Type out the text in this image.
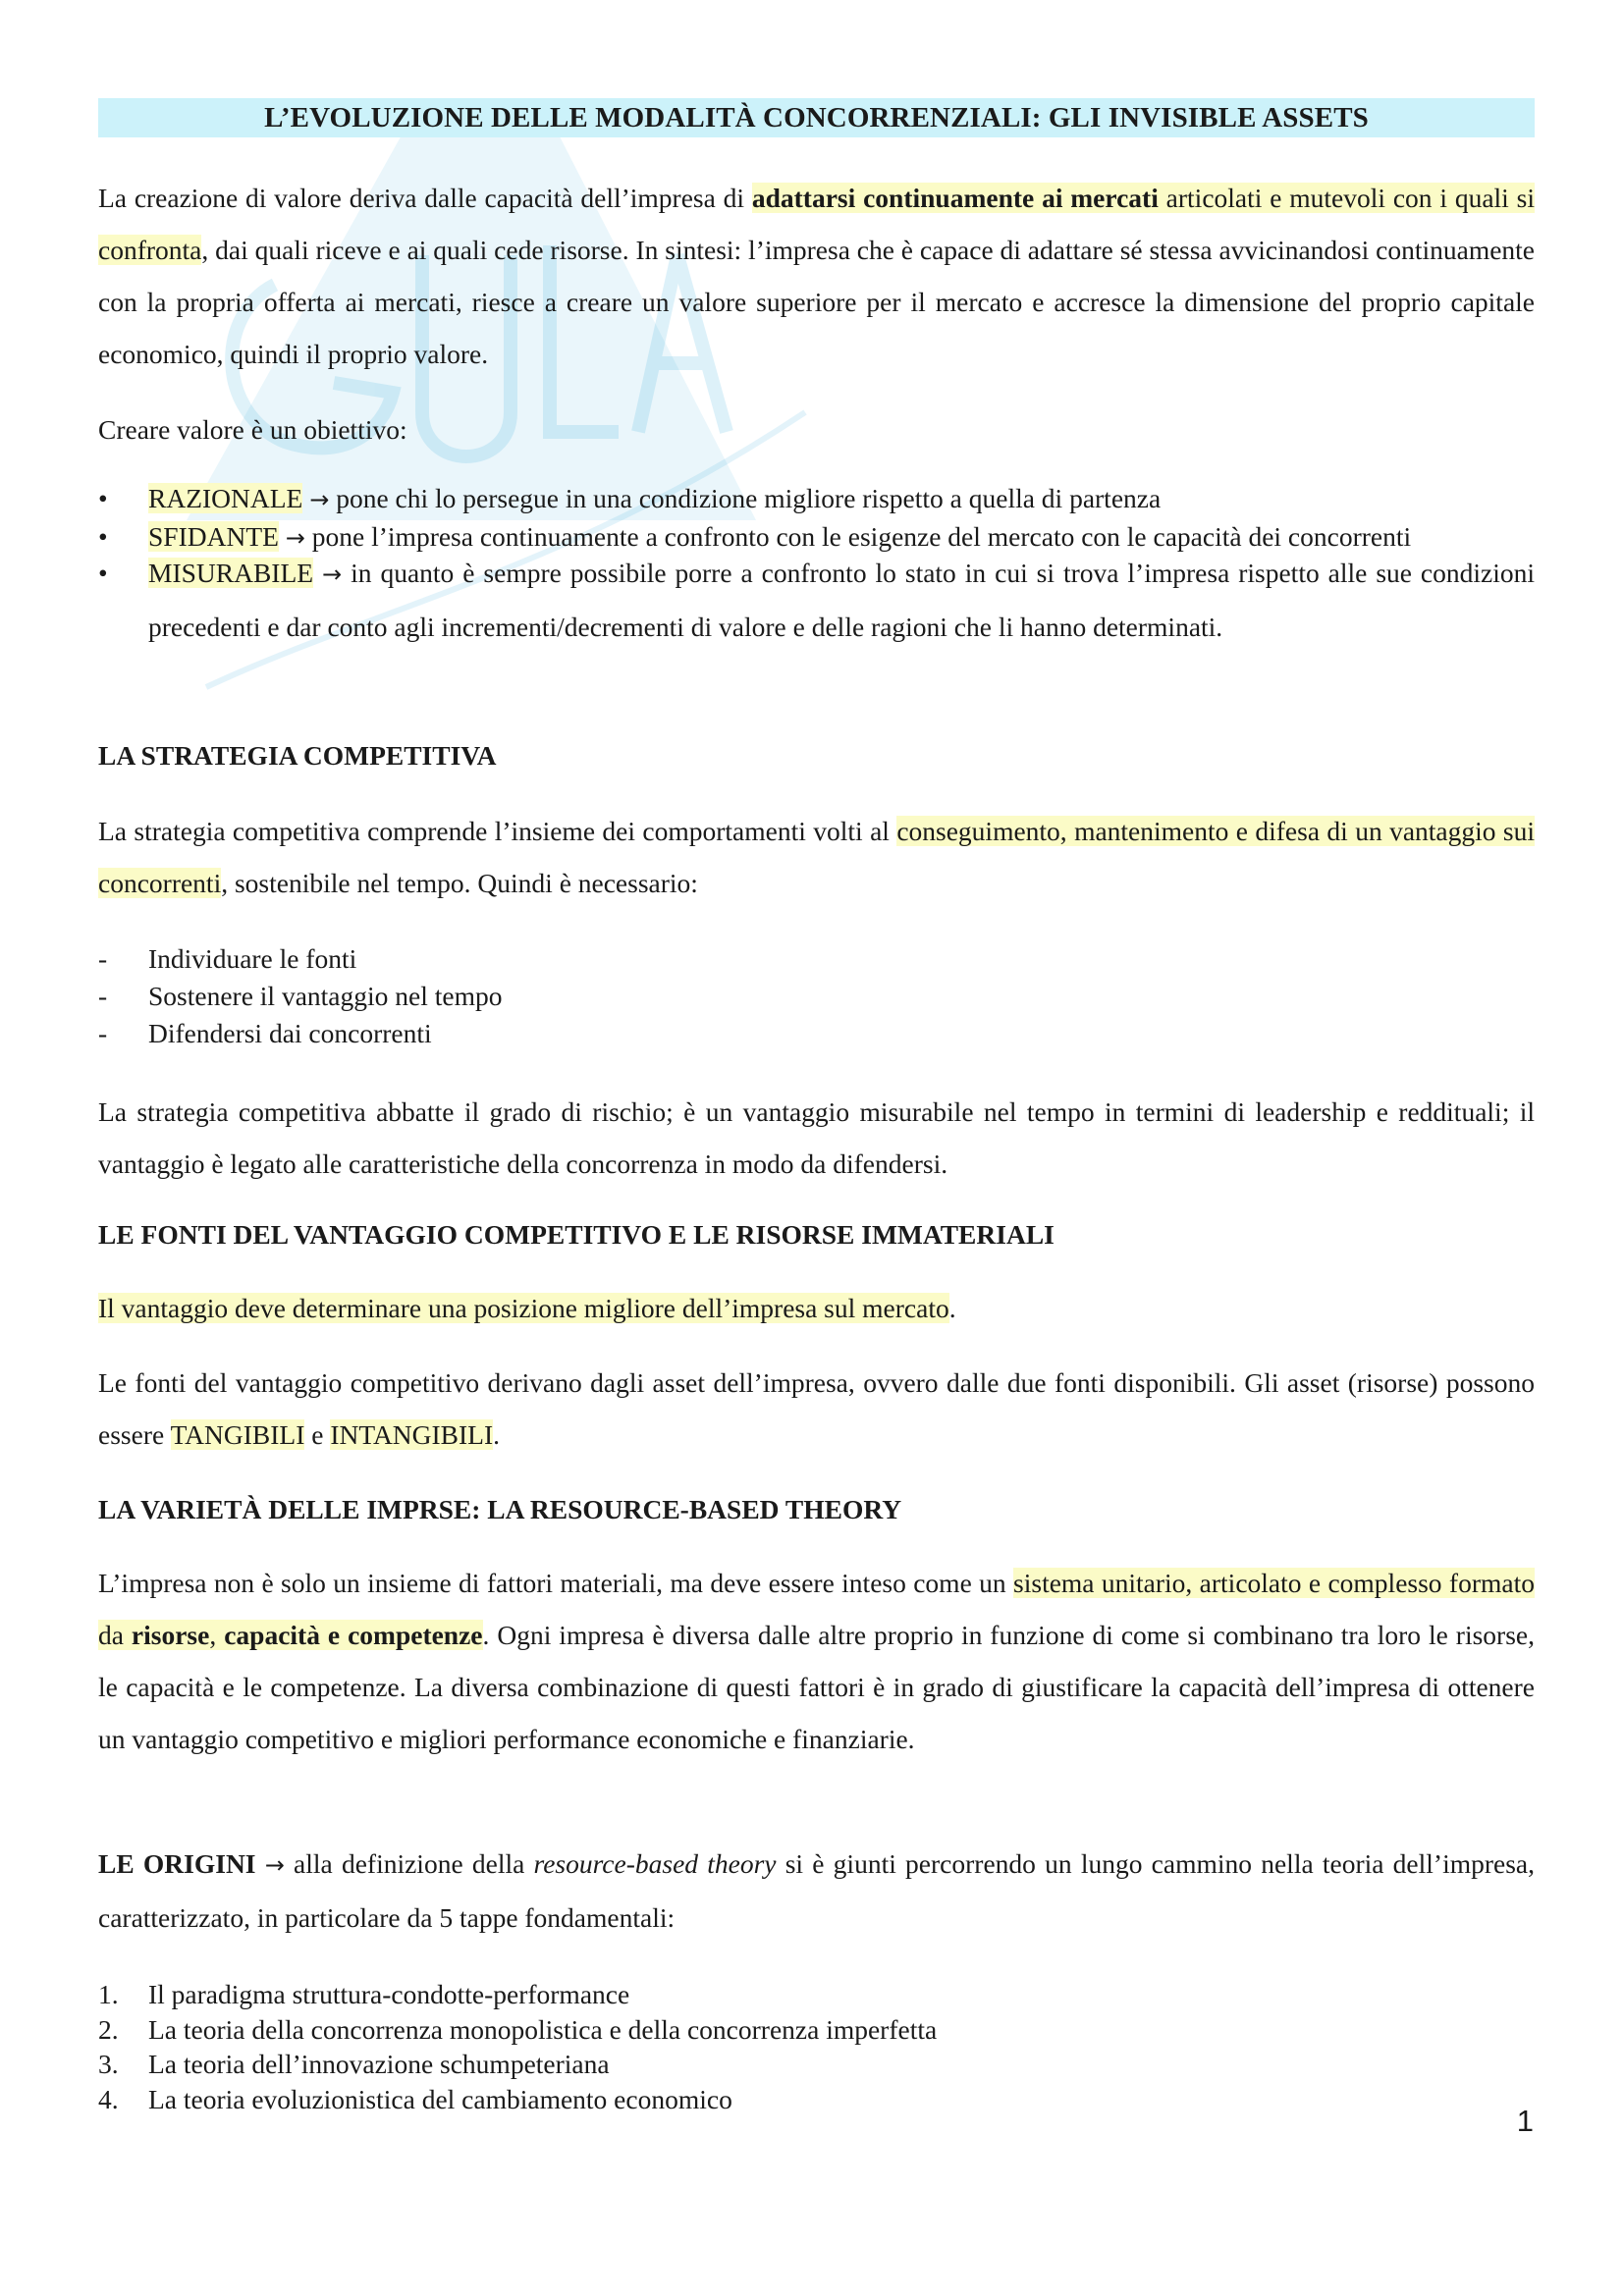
L’EVOLUZIONE DELLE MODALITÀ CONCORRENZIALI: GLI INVISIBLE ASSETS

La creazione di valore deriva dalle capacità dell’impresa di adattarsi continuamente ai mercati articolati e mutevoli con i quali si confronta, dai quali riceve e ai quali cede risorse. In sintesi: l’impresa che è capace di adattare sé stessa avvicinandosi continuamente con la propria offerta ai mercati, riesce a creare un valore superiore per il mercato e accresce la dimensione del proprio capitale economico, quindi il proprio valore.

Creare valore è un obiettivo:

• RAZIONALE → pone chi lo persegue in una condizione migliore rispetto a quella di partenza
• SFIDANTE → pone l’impresa continuamente a confronto con le esigenze del mercato con le capacità dei concorrenti
• MISURABILE → in quanto è sempre possibile porre a confronto lo stato in cui si trova l’impresa rispetto alle sue condizioni precedenti e dar conto agli incrementi/decrementi di valore e delle ragioni che li hanno determinati.
LA STRATEGIA COMPETITIVA

La strategia competitiva comprende l’insieme dei comportamenti volti al conseguimento, mantenimento e difesa di un vantaggio sui concorrenti, sostenibile nel tempo. Quindi è necessario:

- Individuare le fonti
- Sostenere il vantaggio nel tempo
- Difendersi dai concorrenti

La strategia competitiva abbatte il grado di rischio; è un vantaggio misurabile nel tempo in termini di leadership e reddituali; il vantaggio è legato alle caratteristiche della concorrenza in modo da difendersi.

LE FONTI DEL VANTAGGIO COMPETITIVO E LE RISORSE IMMATERIALI

Il vantaggio deve determinare una posizione migliore dell’impresa sul mercato.

Le fonti del vantaggio competitivo derivano dagli asset dell’impresa, ovvero dalle due fonti disponibili. Gli asset (risorse) possono essere TANGIBILI e INTANGIBILI.

LA VARIETÀ DELLE IMPRSE: LA RESOURCE-BASED THEORY

L’impresa non è solo un insieme di fattori materiali, ma deve essere inteso come un sistema unitario, articolato e complesso formato da risorse, capacità e competenze. Ogni impresa è diversa dalle altre proprio in funzione di come si combinano tra loro le risorse, le capacità e le competenze. La diversa combinazione di questi fattori è in grado di giustificare la capacità dell’impresa di ottenere un vantaggio competitivo e migliori performance economiche e finanziarie.

LE ORIGINI → alla definizione della resource-based theory si è giunti percorrendo un lungo cammino nella teoria dell’impresa, caratterizzato, in particolare da 5 tappe fondamentali:

1. Il paradigma struttura-condotte-performance
2. La teoria della concorrenza monopolistica e della concorrenza imperfetta
3. La teoria dell’innovazione schumpeteriana
4. La teoria evoluzionistica del cambiamento economico
1
